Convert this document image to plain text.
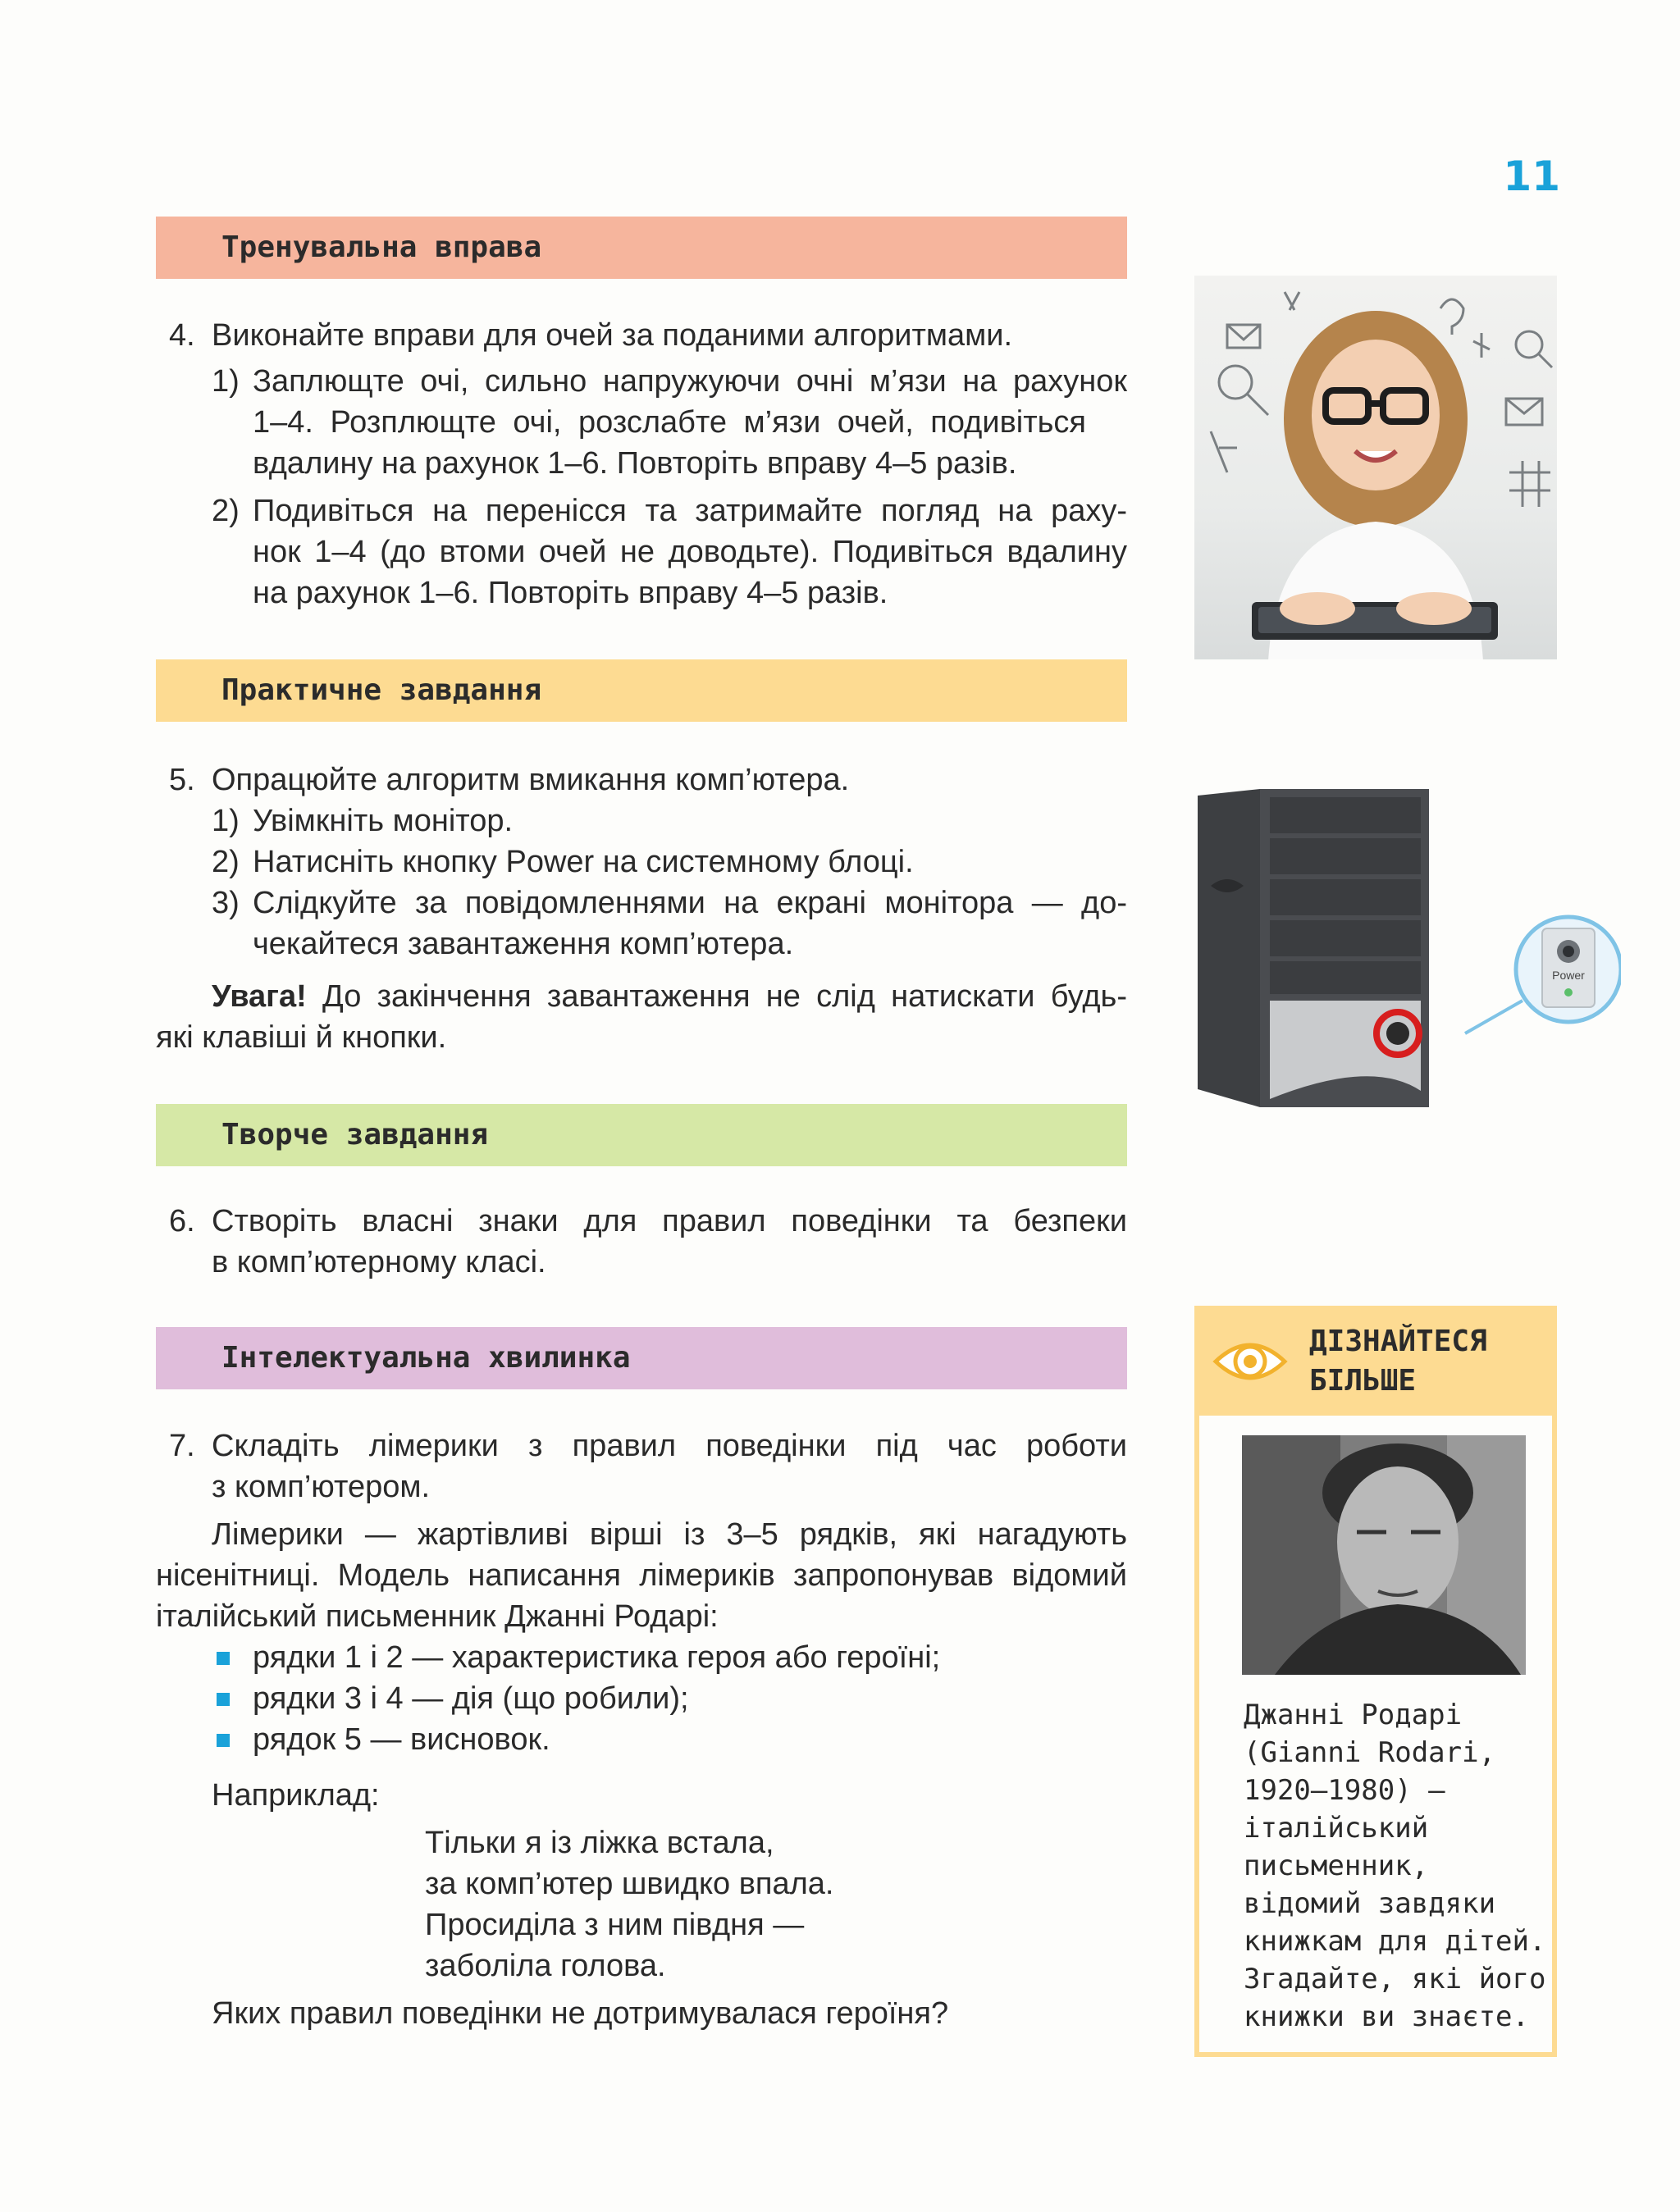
11
Тренувальна вправа
4. Виконайте вправи для очей за поданими алгоритмами.
1) Заплющте очі, сильно напружуючи очні м’язи на рахунок
1–4. Розплющте очі, розслабте м’язи очей, подивіться вдалину на рахунок 1–6. Повторіть вправу 4–5 разів.
2) Подивіться на перенісся та затримайте погляд на раху-
нок 1–4 (до втоми очей не доводьте). Подивіться вдалину на рахунок 1–6. Повторіть вправу 4–5 разів.
Практичне завдання
5. Опрацюйте алгоритм вмикання комп’ютера.
1) Увімкніть монітор.
2) Натисніть кнопку Power на системному блоці.
3) Слідкуйте за повідомленнями на екрані монітора — до-
чекайтеся завантаження комп’ютера.
Увага! До закінчення завантаження не слід натискати будь-
які клавіші й кнопки.
Power
Творче завдання
6. Створіть власні знаки для правил поведінки та безпеки
в комп’ютерному класі.
Інтелектуальна хвилинка
7. Складіть лімерики з правил поведінки під час роботи
з комп’ютером.
Лімерики — жартівливі вірші із 3–5 рядків, які нагадують
нісенітниці. Модель написання лімериків запропонував відомий
італійський письменник Джанні Родарі:
рядки 1 і 2 — характеристика героя або героїні;
рядки 3 і 4 — дія (що робили);
рядок 5 — висновок.
Наприклад:
Тільки я із ліжка встала,
за комп’ютер швидко впала.
Просиділа з ним півдня —
заболіла голова.
Яких правил поведінки не дотримувалася героїня?
ДІЗНАЙТЕСЯ
БІЛЬШЕ
Джанні Родарі
(Gianni Rodari,
1920–1980) —
італійський
письменник,
відомий завдяки
книжкам для дітей.
Згадайте, які його
книжки ви знаєте.
